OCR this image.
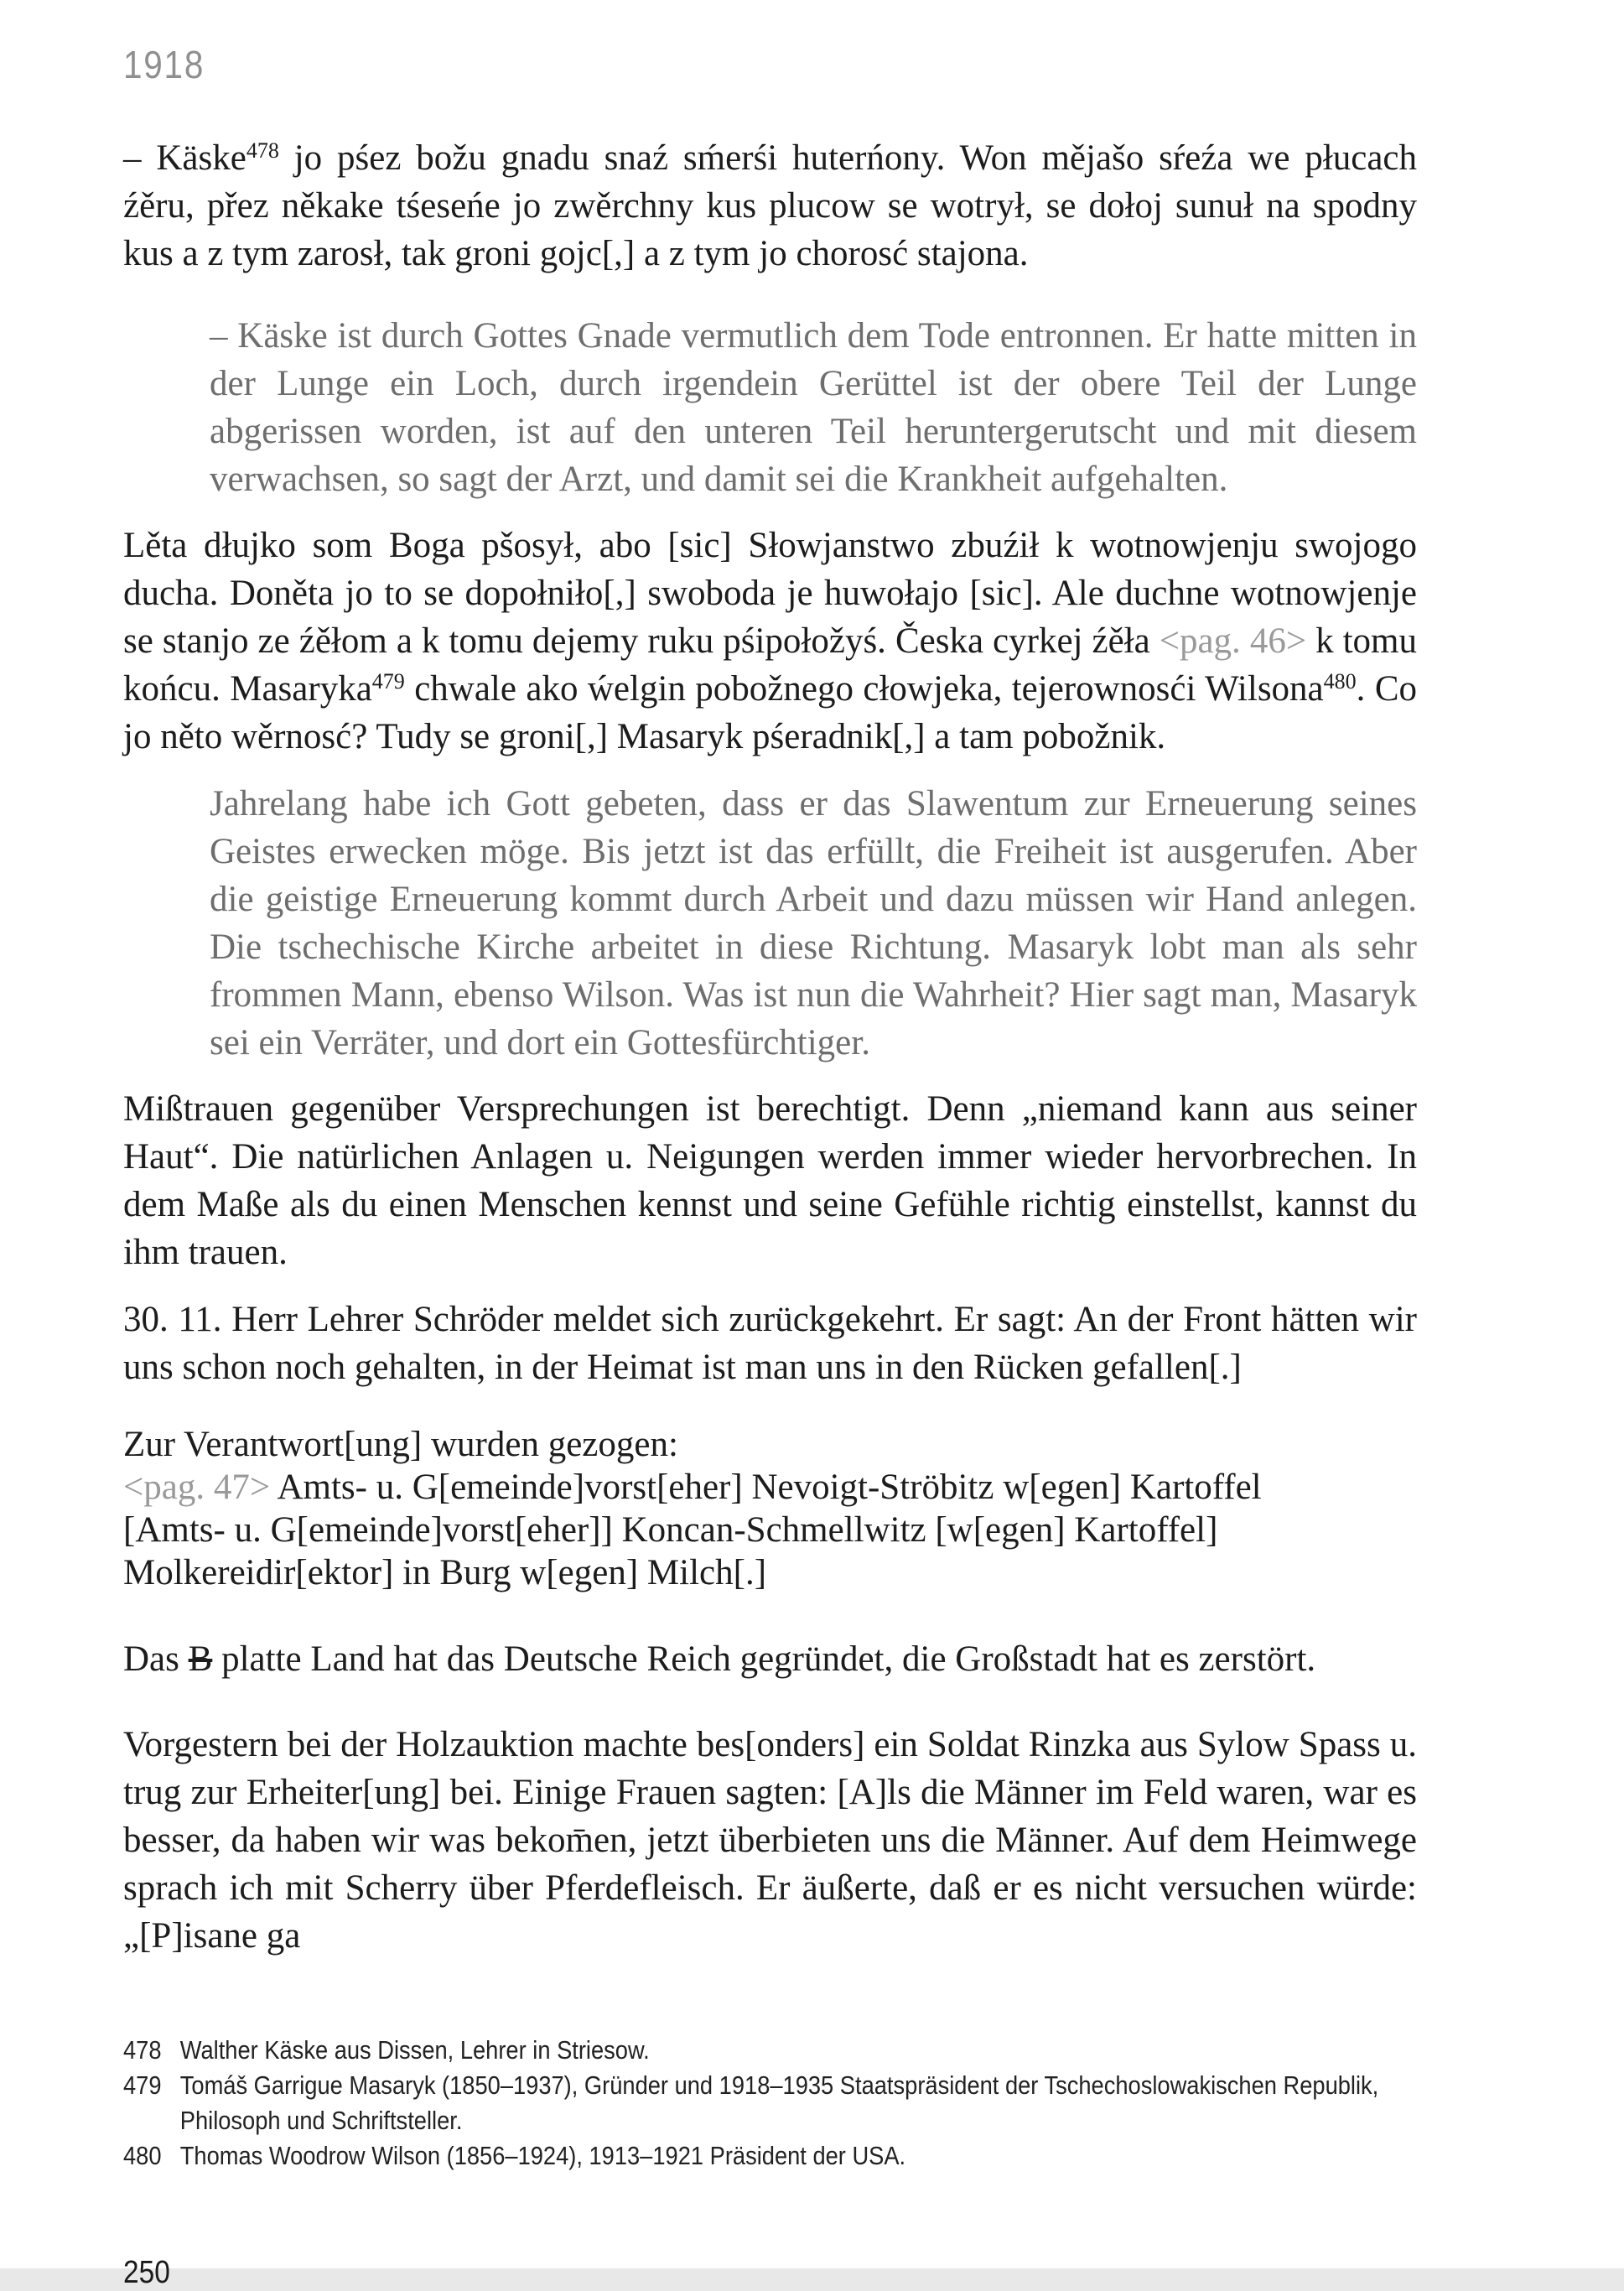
1918

– Käske$^{478}$ jo pśez božu gnadu snaź sḿerśi huterńony. Won mějašo sŕeźa we płucach źěru, přez někake tśeseńe jo zwěrchny kus plucow se wotrył, se dołoj sunuł na spodny kus a z tym zarosł, tak groni gojc[,] a z tym jo chorosć stajona.

– Käske ist durch Gottes Gnade vermutlich dem Tode entronnen. Er hatte mitten in der Lunge ein Loch, durch irgendein Gerüttel ist der obere Teil der Lunge abgerissen worden, ist auf den unteren Teil heruntergerutscht und mit diesem verwachsen, so sagt der Arzt, und damit sei die Krankheit aufgehalten.

Lěta dłujko som Boga pšosył, abo [sic] Słowjanstwo zbuźił k wotnowjenju swojogo ducha. Doněta jo to se dopołniło[,] swoboda je huwołajo [sic]. Ale duchne wotnowjenje se stanjo ze źěłom a k tomu dejemy ruku pśipołožyś. Česka cyrkej źěła <pag. 46> k tomu końcu. Masaryka$^{479}$ chwale ako ẃelgin pobožnego cłowjeka, tejerownosći Wilsona$^{480}$. Co jo něto wěrnosć? Tudy se groni[,] Masaryk pśeradnik[,] a tam pobožnik.

Jahrelang habe ich Gott gebeten, dass er das Slawentum zur Erneuerung seines Geistes erwecken möge. Bis jetzt ist das erfüllt, die Freiheit ist ausgerufen. Aber die geistige Erneuerung kommt durch Arbeit und dazu müssen wir Hand anlegen. Die tschechische Kirche arbeitet in diese Richtung. Masaryk lobt man als sehr frommen Mann, ebenso Wilson. Was ist nun die Wahrheit? Hier sagt man, Masaryk sei ein Verräter, und dort ein Gottesfürchtiger.

Mißtrauen gegenüber Versprechungen ist berechtigt. Denn „niemand kann aus seiner Haut“. Die natürlichen Anlagen u. Neigungen werden immer wieder hervorbrechen. In dem Maße als du einen Menschen kennst und seine Gefühle richtig einstellst, kannst du ihm trauen.

30. 11. Herr Lehrer Schröder meldet sich zurückgekehrt. Er sagt: An der Front hätten wir uns schon noch gehalten, in der Heimat ist man uns in den Rücken gefallen[.]

Zur Verantwort[ung] wurden gezogen:
<pag. 47> Amts- u. G[emeinde]vorst[eher] Nevoigt-Ströbitz w[egen] Kartoffel
[Amts- u. G[emeinde]vorst[eher]] Koncan-Schmellwitz [w[egen] Kartoffel]
Molkereidir[ektor] in Burg w[egen] Milch[.]

Das B platte Land hat das Deutsche Reich gegründet, die Großstadt hat es zerstört.

Vorgestern bei der Holzauktion machte bes[onders] ein Soldat Rinzka aus Sylow Spass u. trug zur Erheiter[ung] bei. Einige Frauen sagten: [A]ls die Männer im Feld waren, war es besser, da haben wir was bekom̄en, jetzt überbieten uns die Männer. Auf dem Heimwege sprach ich mit Scherry über Pferdefleisch. Er äußerte, daß er es nicht versuchen würde: „[P]isane ga

478 Walther Käske aus Dissen, Lehrer in Striesow.
479 Tomáš Garrigue Masaryk (1850–1937), Gründer und 1918–1935 Staatspräsident der Tschechoslowakischen Republik, Philosoph und Schriftsteller.
480 Thomas Woodrow Wilson (1856–1924), 1913–1921 Präsident der USA.
250
